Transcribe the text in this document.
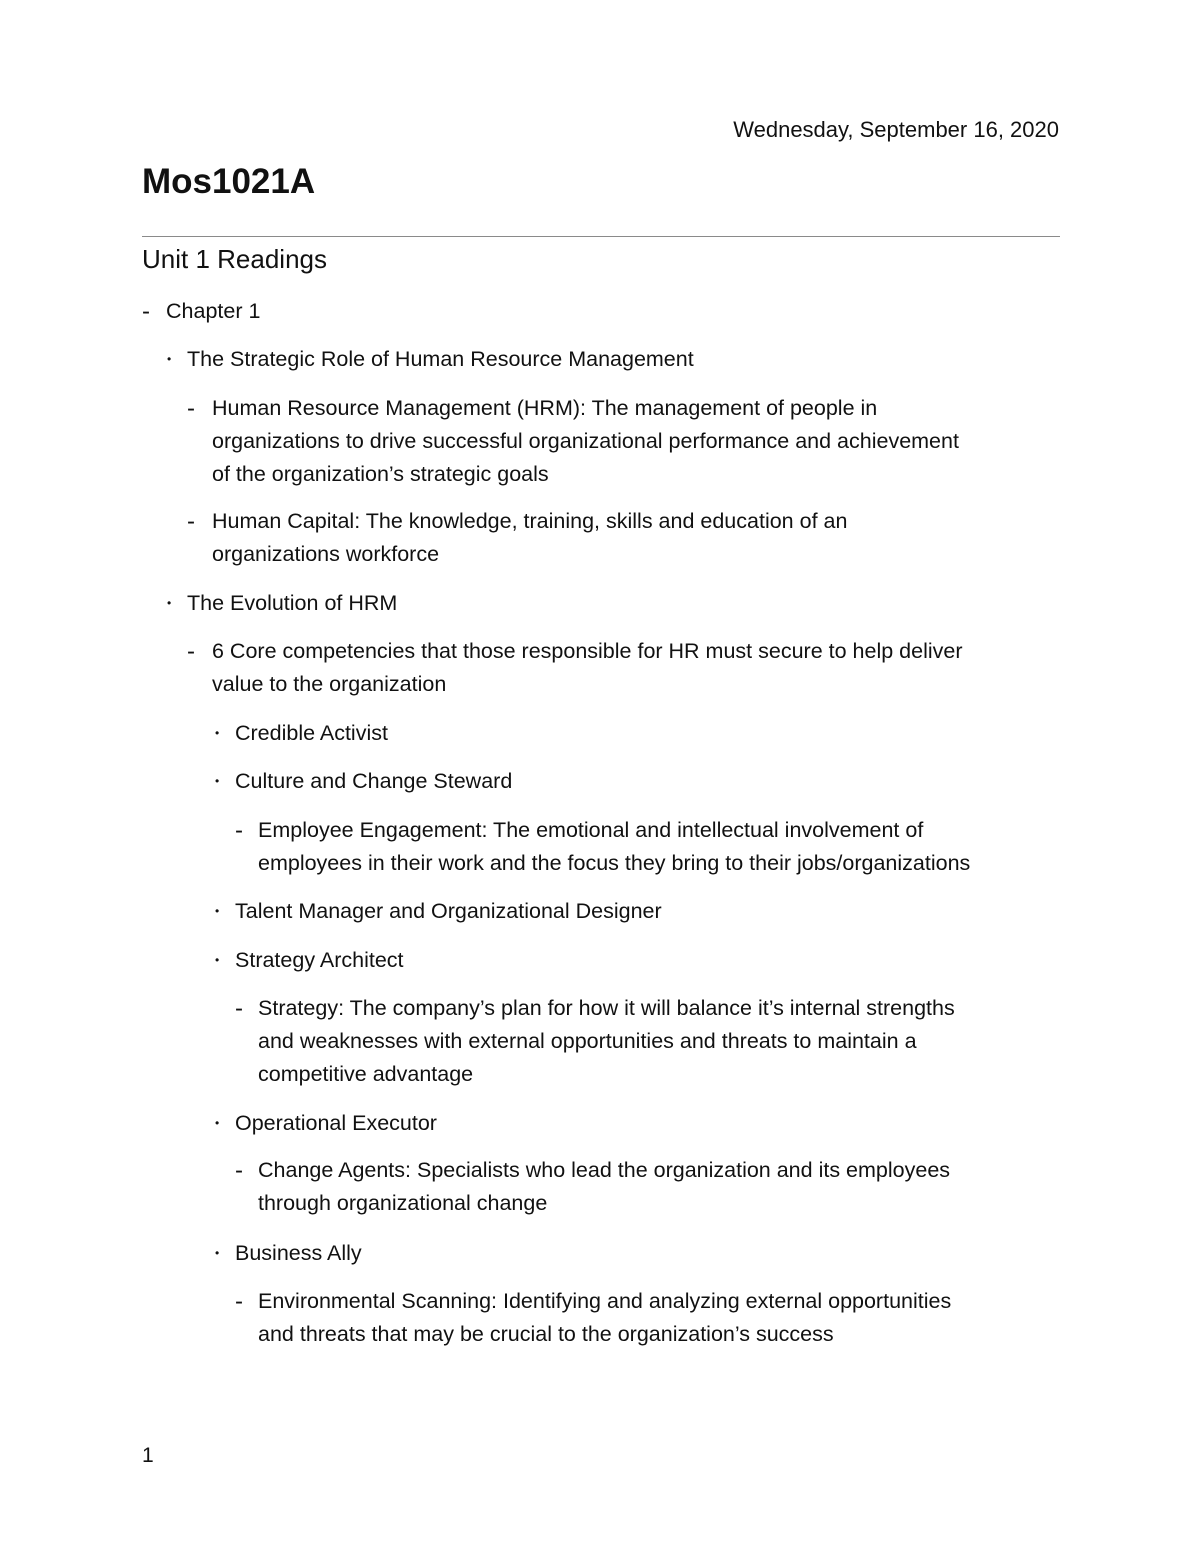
Wednesday, September 16, 2020
Mos1021A
Unit 1 Readings
- Chapter 1
• The Strategic Role of Human Resource Management
- Human Resource Management (HRM): The management of people in
organizations to drive successful organizational performance and achievement
of the organization’s strategic goals
- Human Capital: The knowledge, training, skills and education of an
organizations workforce
• The Evolution of HRM
- 6 Core competencies that those responsible for HR must secure to help deliver
value to the organization
• Credible Activist
• Culture and Change Steward
- Employee Engagement: The emotional and intellectual involvement of
employees in their work and the focus they bring to their jobs/organizations
• Talent Manager and Organizational Designer
• Strategy Architect
- Strategy: The company’s plan for how it will balance it’s internal strengths
and weaknesses with external opportunities and threats to maintain a
competitive advantage
• Operational Executor
- Change Agents: Specialists who lead the organization and its employees
through organizational change
• Business Ally
- Environmental Scanning: Identifying and analyzing external opportunities
and threats that may be crucial to the organization’s success
1
